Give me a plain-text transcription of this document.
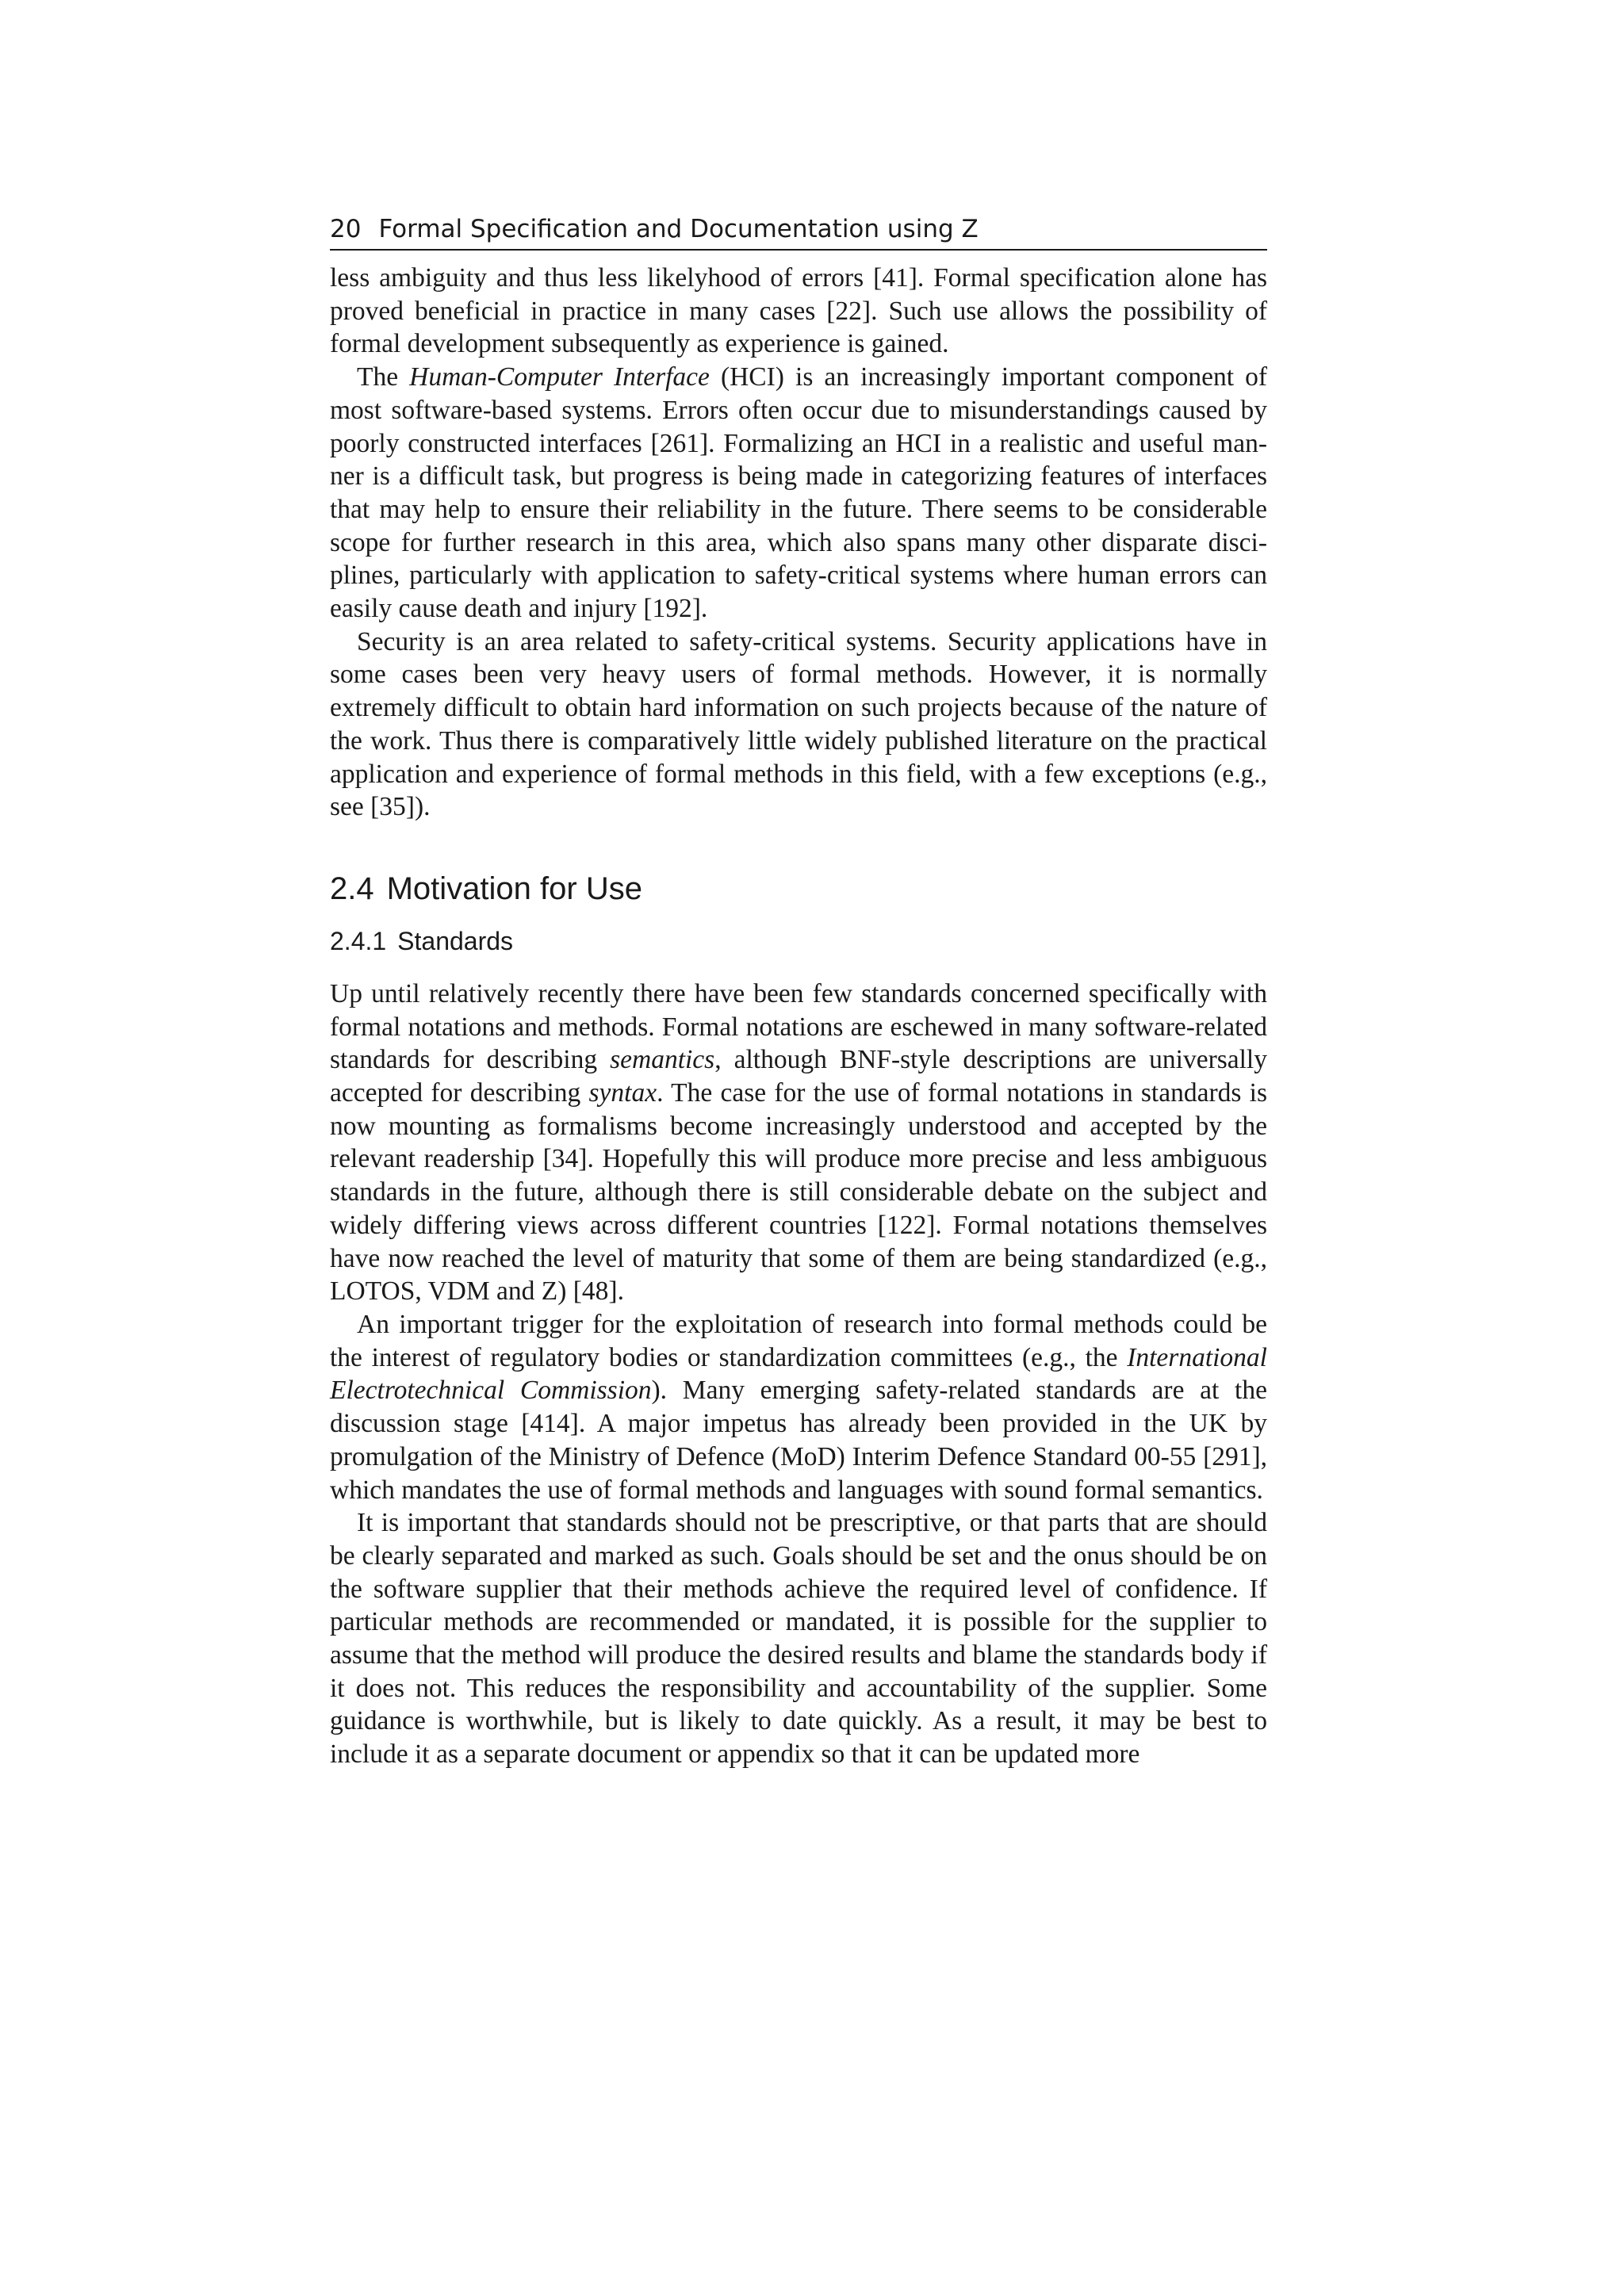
20 Formal Specification and Documentation using Z

less ambiguity and thus less likelyhood of errors [41]. Formal specification alone has proved beneficial in practice in many cases [22]. Such use allows the possibility of formal development subsequently as experience is gained.

The Human-Computer Interface (HCI) is an increasingly important component of most software-based systems. Errors often occur due to misunderstandings caused by poorly constructed interfaces [261]. Formalizing an HCI in a realistic and useful manner is a difficult task, but progress is being made in categorizing features of interfaces that may help to ensure their reliability in the future. There seems to be considerable scope for further research in this area, which also spans many other disparate disciplines, particularly with application to safety-critical systems where human errors can easily cause death and injury [192].

Security is an area related to safety-critical systems. Security applications have in some cases been very heavy users of formal methods. However, it is normally extremely difficult to obtain hard information on such projects because of the nature of the work. Thus there is comparatively little widely published literature on the practical application and experience of formal methods in this field, with a few exceptions (e.g., see [35]).

2.4 Motivation for Use
2.4.1 Standards

Up until relatively recently there have been few standards concerned specifically with formal notations and methods. Formal notations are eschewed in many software-related standards for describing semantics, although BNF-style descriptions are universally accepted for describing syntax. The case for the use of formal notations in standards is now mounting as formalisms become increasingly understood and accepted by the relevant readership [34]. Hopefully this will produce more precise and less ambiguous standards in the future, although there is still considerable debate on the subject and widely differing views across different countries [122]. Formal notations themselves have now reached the level of maturity that some of them are being standardized (e.g., LOTOS, VDM and Z) [48].

An important trigger for the exploitation of research into formal methods could be the interest of regulatory bodies or standardization committees (e.g., the International Electrotechnical Commission). Many emerging safety-related standards are at the discussion stage [414]. A major impetus has already been provided in the UK by promulgation of the Ministry of Defence (MoD) Interim Defence Standard 00-55 [291], which mandates the use of formal methods and languages with sound formal semantics.

It is important that standards should not be prescriptive, or that parts that are should be clearly separated and marked as such. Goals should be set and the onus should be on the software supplier that their methods achieve the required level of confidence. If particular methods are recommended or mandated, it is possible for the supplier to assume that the method will produce the desired results and blame the standards body if it does not. This reduces the responsibility and accountability of the supplier. Some guidance is worthwhile, but is likely to date quickly. As a result, it may be best to include it as a separate document or appendix so that it can be updated more
